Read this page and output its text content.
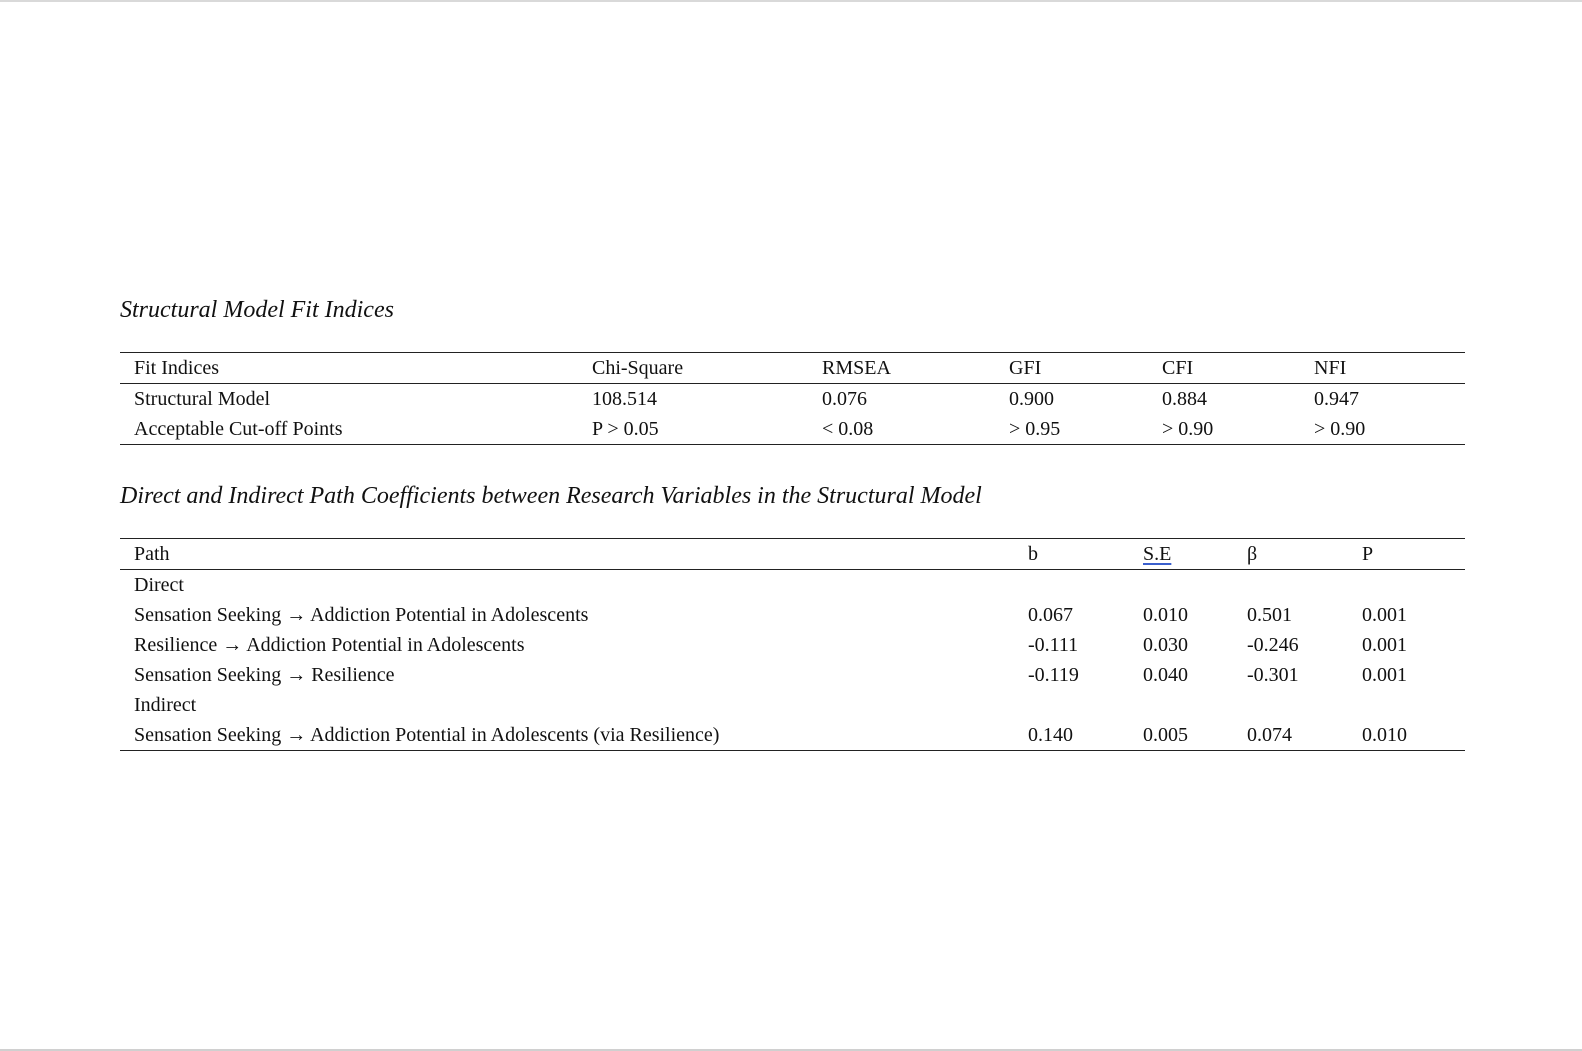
Structural Model Fit Indices

Fit Indices	Chi-Square	RMSEA	GFI	CFI	NFI
Structural Model	108.514	0.076	0.900	0.884	0.947
Acceptable Cut-off Points	P > 0.05	< 0.08	> 0.95	> 0.90	> 0.90

Direct and Indirect Path Coefficients between Research Variables in the Structural Model

Path	b	S.E	β	P
Direct				
Sensation Seeking → Addiction Potential in Adolescents	0.067	0.010	0.501	0.001
Resilience → Addiction Potential in Adolescents	-0.111	0.030	-0.246	0.001
Sensation Seeking → Resilience	-0.119	0.040	-0.301	0.001
Indirect				
Sensation Seeking → Addiction Potential in Adolescents (via Resilience)	0.140	0.005	0.074	0.010
